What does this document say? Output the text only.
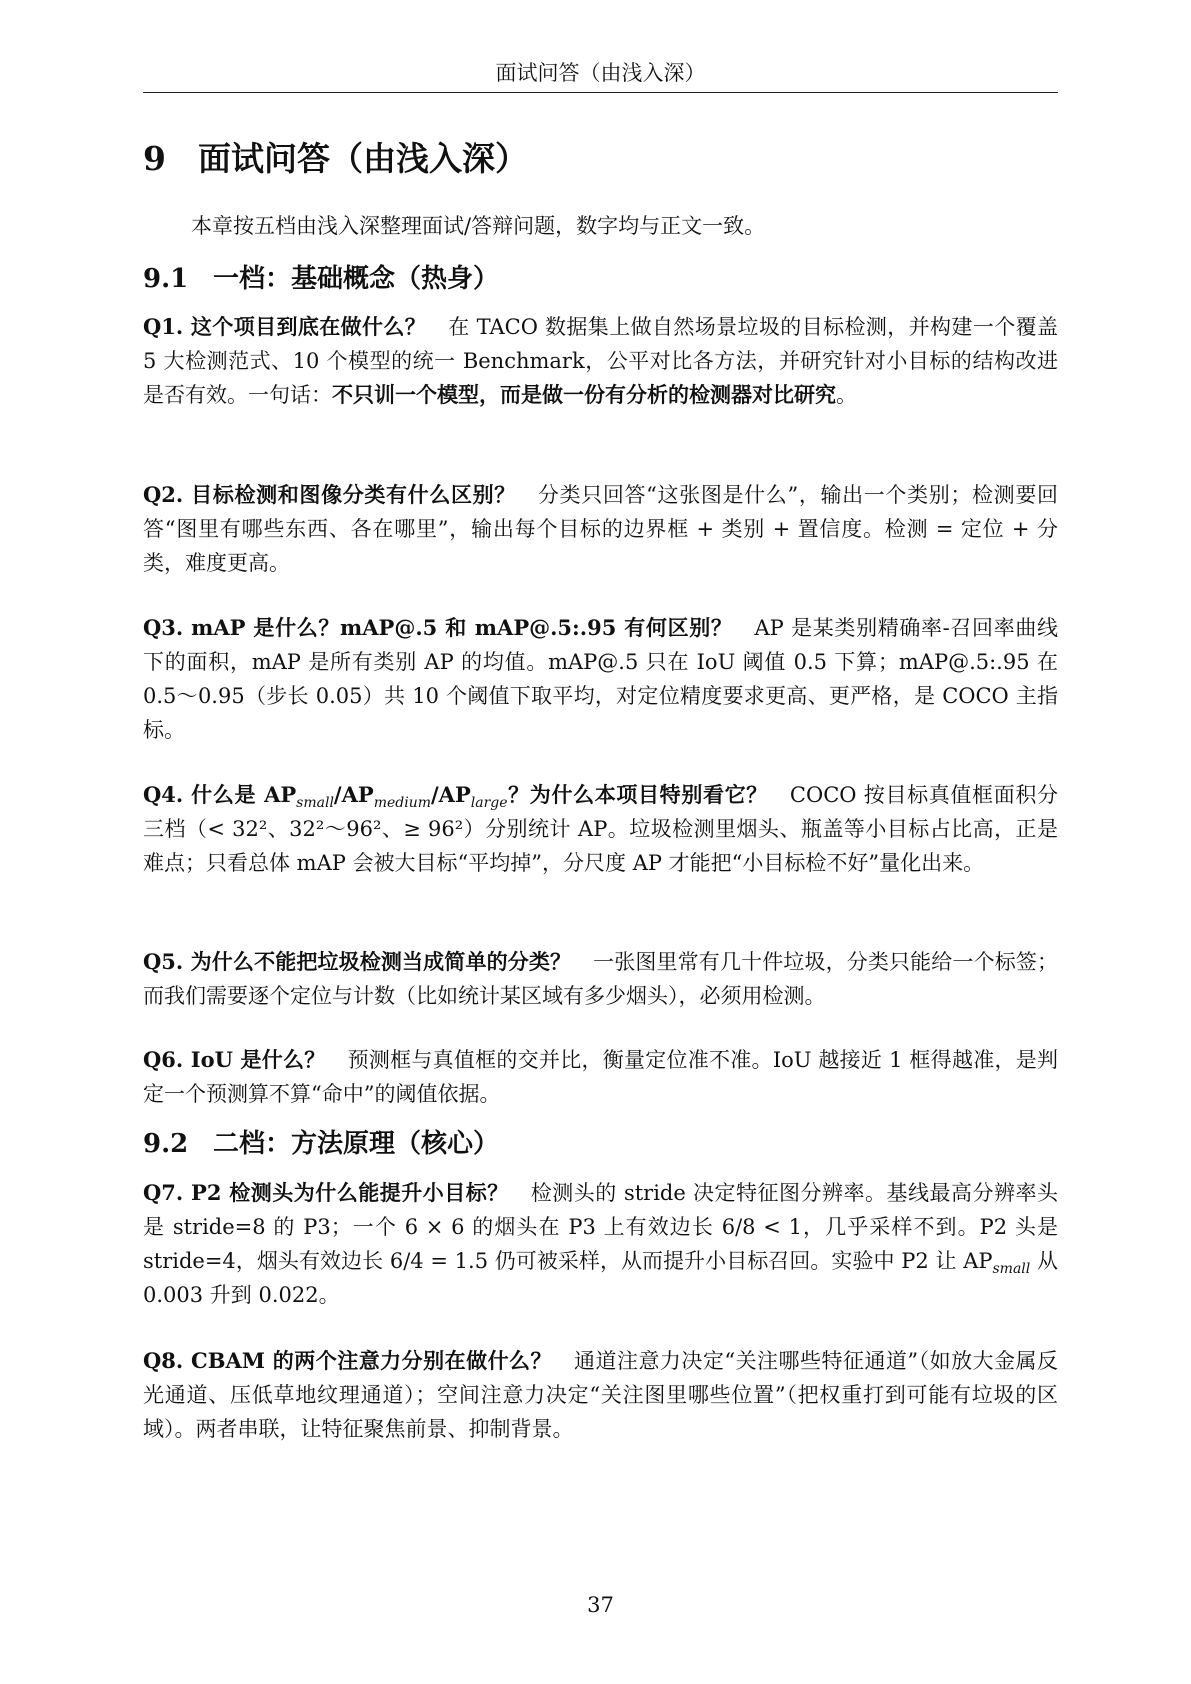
面试问答（由浅入深）
9 面试问答（由浅入深）

本章按五档由浅入深整理面试/答辩问题，数字均与正文一致。

9.1 一档：基础概念（热身）

Q1. 这个项目到底在做什么？ 在 TACO 数据集上做自然场景垃圾的目标检测，并构建一个覆盖 5 大检测范式、10 个模型的统一 Benchmark，公平对比各方法，并研究针对小目标的结构改进是否有效。一句话：不只训一个模型，而是做一份有分析的检测器对比研究。

Q2. 目标检测和图像分类有什么区别？ 分类只回答“这张图是什么”，输出一个类别；检测要回答“图里有哪些东西、各在哪里”，输出每个目标的边界框 + 类别 + 置信度。检测 = 定位 + 分类，难度更高。

Q3. mAP 是什么？mAP@.5 和 mAP@.5:.95 有何区别？ AP 是某类别精确率-召回率曲线下的面积，mAP 是所有类别 AP 的均值。mAP@.5 只在 IoU 阈值 0.5 下算；mAP@.5:.95 在 0.5～0.95（步长 0.05）共 10 个阈值下取平均，对定位精度要求更高、更严格，是 COCO 主指标。

Q4. 什么是 $AP_{small}/AP_{medium}/AP_{large}$？为什么本项目特别看它？ COCO 按目标真值框面积分三档（< 32²、32²～96²、≥ 96²）分别统计 AP。垃圾检测里烟头、瓶盖等小目标占比高，正是难点；只看总体 mAP 会被大目标“平均掉”，分尺度 AP 才能把“小目标检不好”量化出来。

Q5. 为什么不能把垃圾检测当成简单的分类？ 一张图里常有几十件垃圾，分类只能给一个标签；而我们需要逐个定位与计数（比如统计某区域有多少烟头），必须用检测。

Q6. IoU 是什么？ 预测框与真值框的交并比，衡量定位准不准。IoU 越接近 1 框得越准，是判定一个预测算不算“命中”的阈值依据。

9.2 二档：方法原理（核心）

Q7. P2 检测头为什么能提升小目标？ 检测头的 stride 决定特征图分辨率。基线最高分辨率头是 stride=8 的 P3；一个 6 × 6 的烟头在 P3 上有效边长 6/8 < 1，几乎采样不到。P2 头是 stride=4，烟头有效边长 6/4 = 1.5 仍可被采样，从而提升小目标召回。实验中 P2 让 $AP_{small}$ 从 0.003 升到 0.022。

Q8. CBAM 的两个注意力分别在做什么？ 通道注意力决定“关注哪些特征通道”（如放大金属反光通道、压低草地纹理通道）；空间注意力决定“关注图里哪些位置”（把权重打到可能有垃圾的区域）。两者串联，让特征聚焦前景、抑制背景。

37
